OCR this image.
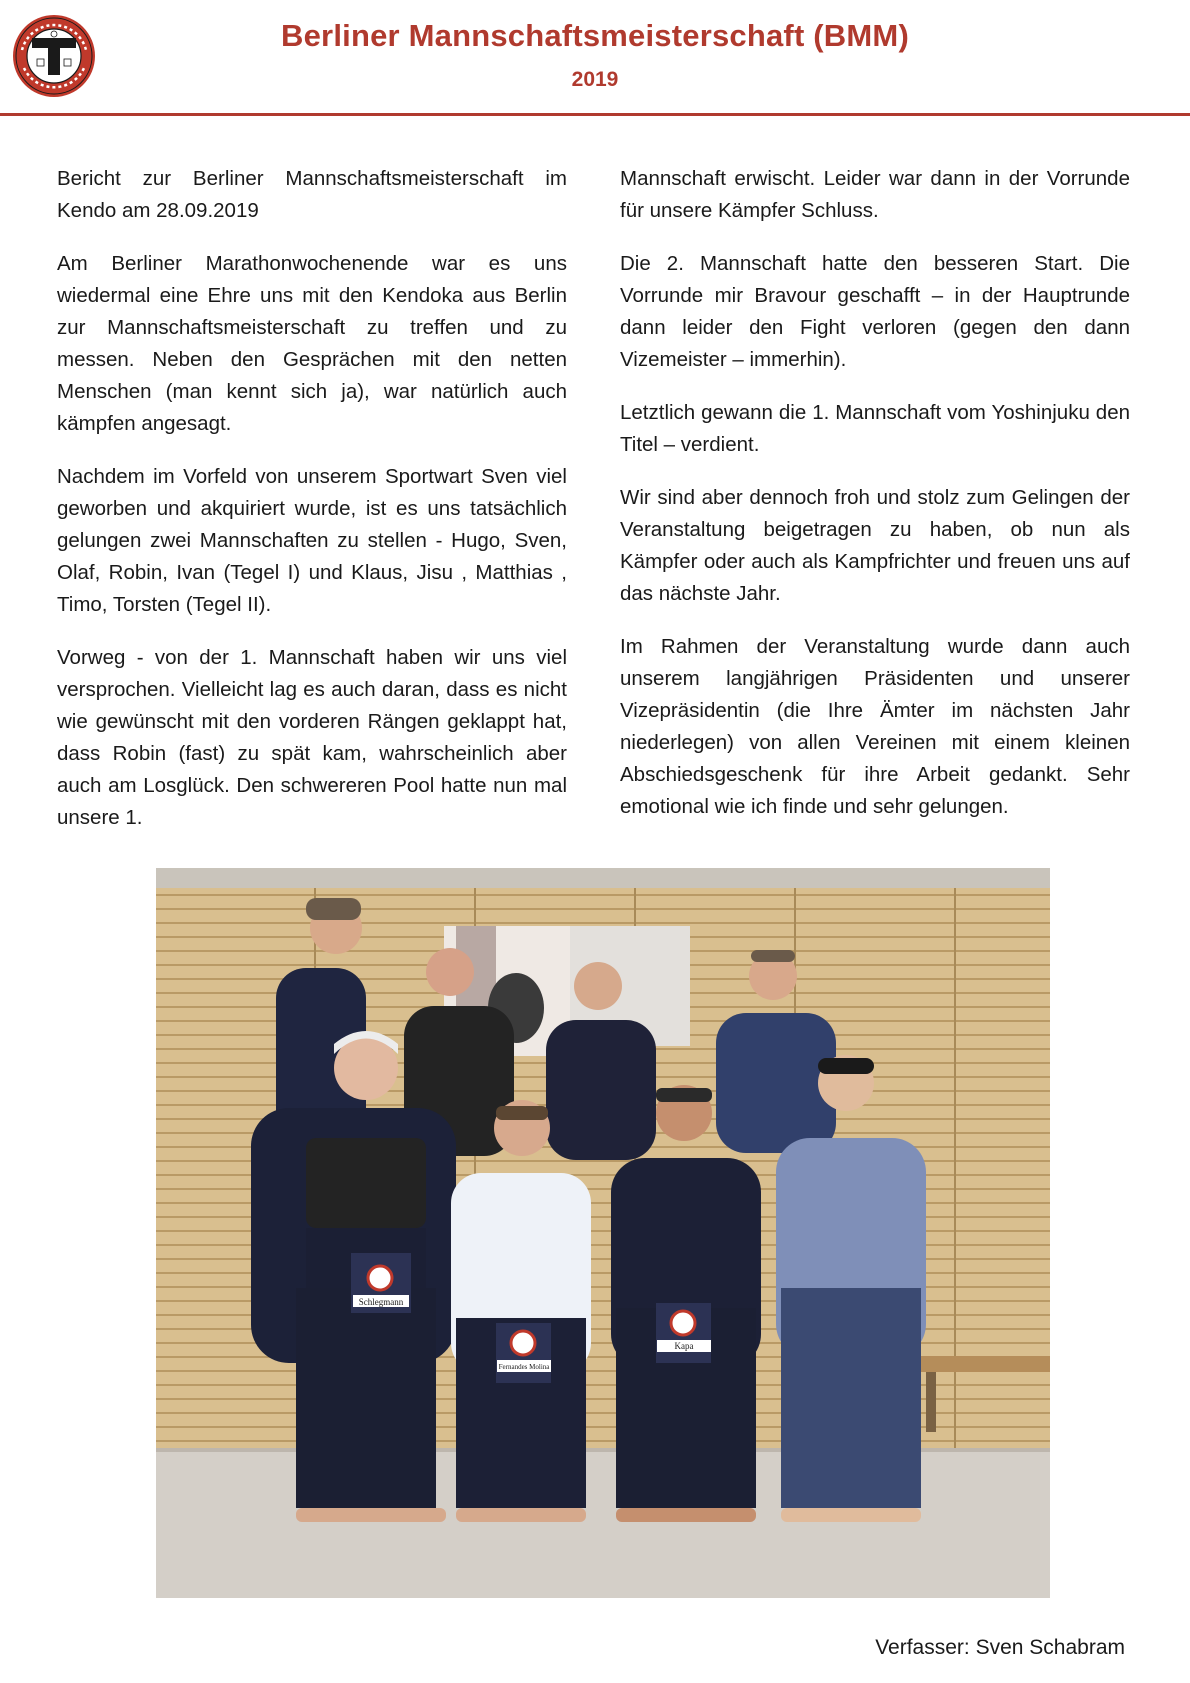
Berliner Mannschaftsmeisterschaft (BMM)
2019

Bericht zur Berliner Mannschaftsmeisterschaft im Kendo am 28.09.2019

Am Berliner Marathonwochenende war es uns wiedermal eine Ehre uns mit den Kendoka aus Berlin zur Mannschaftsmeisterschaft zu treffen und zu messen. Neben den Gesprächen mit den netten Menschen (man kennt sich ja), war natürlich auch kämpfen angesagt.

Nachdem im Vorfeld von unserem Sportwart Sven viel geworben und akquiriert wurde, ist es uns tatsächlich gelungen zwei Mannschaften zu stellen - Hugo, Sven, Olaf, Robin, Ivan (Tegel I) und Klaus, Jisu , Matthias , Timo, Torsten (Tegel II).

Vorweg - von der 1. Mannschaft haben wir uns viel versprochen. Vielleicht lag es auch daran, dass es nicht wie gewünscht mit den vorderen Rängen geklappt hat, dass Robin (fast) zu spät kam, wahrscheinlich aber auch am Losglück. Den schwereren Pool hatte nun mal unsere 1.

Mannschaft erwischt. Leider war dann in der Vorrunde für unsere Kämpfer Schluss.

Die 2. Mannschaft hatte den besseren Start. Die Vorrunde mir Bravour geschafft – in der Hauptrunde dann leider den Fight verloren (gegen den dann Vizemeister – immerhin).

Letztlich gewann die 1. Mannschaft vom Yoshinjuku den Titel – verdient.

Wir sind aber dennoch froh und stolz zum Gelingen der Veranstaltung beigetragen zu haben, ob nun als Kämpfer oder auch als Kampfrichter und freuen uns auf das nächste Jahr.

Im Rahmen der Veranstaltung wurde dann auch unserem langjährigen Präsidenten und unserer Vizepräsidentin (die Ihre Ämter im nächsten Jahr niederlegen) von allen Vereinen mit einem kleinen Abschiedsgeschenk für ihre Arbeit gedankt. Sehr emotional wie ich finde und sehr gelungen.

Schlegmann
Fernandes Molina
Kapa
Verfasser: Sven Schabram
